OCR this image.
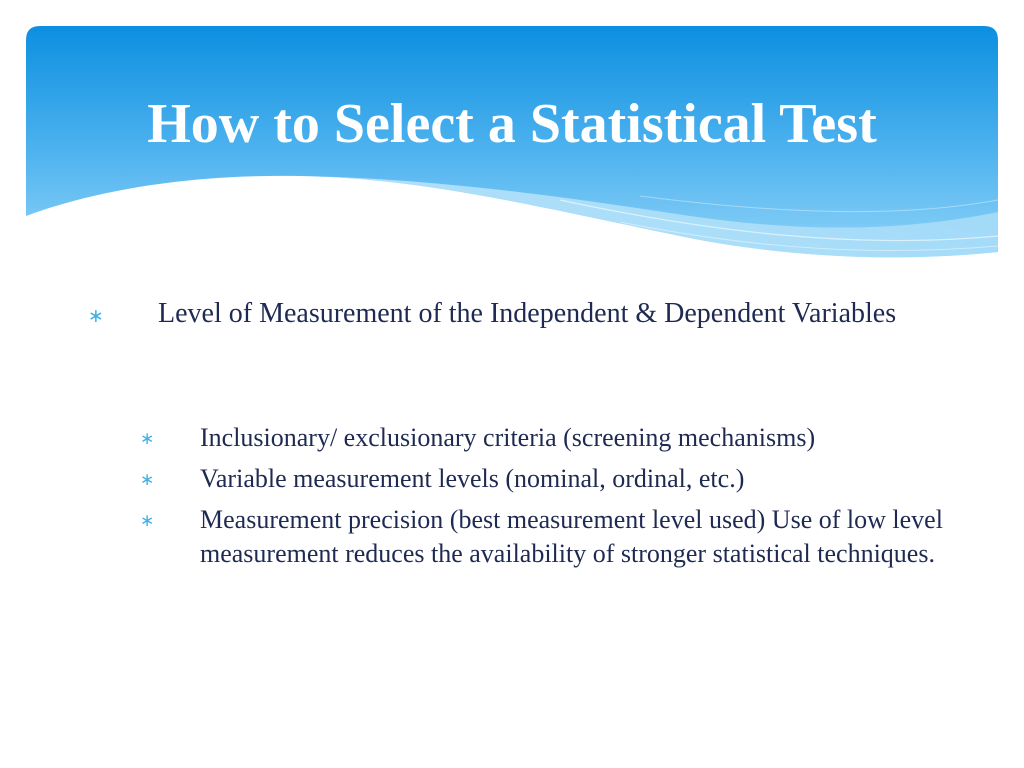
How to Select a Statistical Test
∗ Level of Measurement of the Independent & Dependent Variables
∗ Inclusionary/ exclusionary criteria (screening mechanisms)
∗ Variable measurement levels (nominal, ordinal, etc.)
∗ Measurement precision (best measurement level used) Use of low level measurement reduces the availability of stronger statistical techniques.
